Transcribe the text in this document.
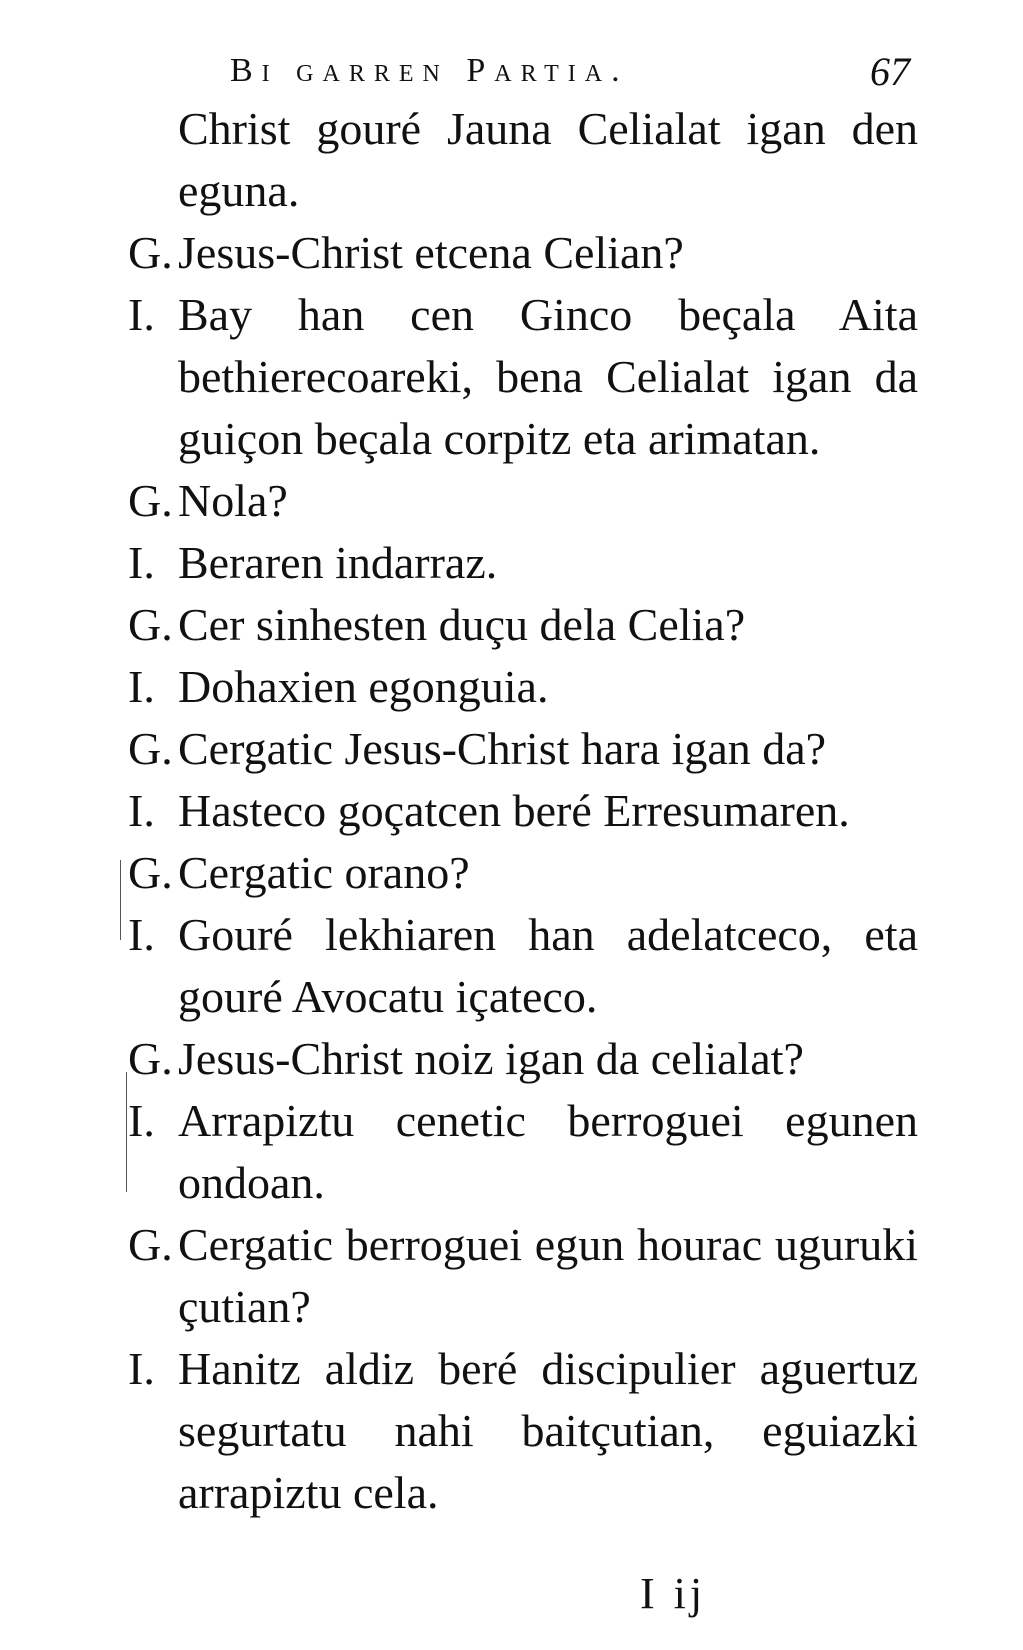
Bi garren Partia.	67
Christ gouré Jauna Celialat igan den eguna.
G. Jesus-Christ etcena Celian?
I. Bay han cen Ginco beçala Aita bethierecoareki, bena Celialat igan da guiçon beçala corpitz eta arimatan.
G. Nola?
I. Beraren indarraz.
G. Cer sinhesten duçu dela Celia?
I. Dohaxien egonguia.
G. Cergatic Jesus-Christ hara igan da?
I. Hasteco goçatcen beré Erresumaren.
G. Cergatic orano?
I. Gouré lekhiaren han adelatceco, eta gouré Avocatu içateco.
G. Jesus-Christ noiz igan da celialat?
I. Arrapiztu cenetic berroguei egunen ondoan.
G. Cergatic berroguei egun hourac uguruki çutian?
I. Hanitz aldiz beré discipulier aguertuz segurtatu nahi baitçutian, eguiazki arrapiztu cela.
I ij
